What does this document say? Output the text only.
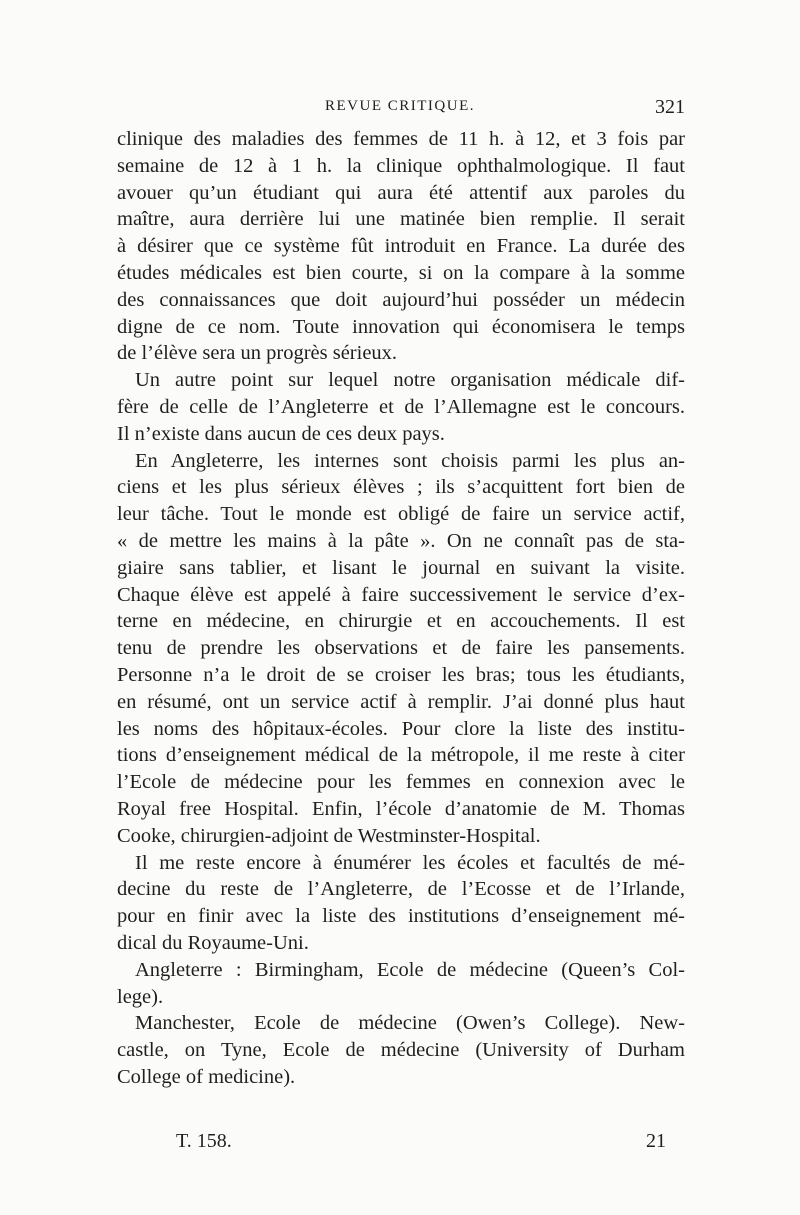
REVUE CRITIQUE.	321
clinique des maladies des femmes de 11 h. à 12, et 3 fois par
semaine de 12 à 1 h. la clinique ophthalmologique. Il faut
avouer qu’un étudiant qui aura été attentif aux paroles du
maître, aura derrière lui une matinée bien remplie. Il serait
à désirer que ce système fût introduit en France. La durée des
études médicales est bien courte, si on la compare à la somme
des connaissances que doit aujourd’hui posséder un médecin
digne de ce nom. Toute innovation qui économisera le temps
de l’élève sera un progrès sérieux.
Un autre point sur lequel notre organisation médicale dif-
fère de celle de l’Angleterre et de l’Allemagne est le concours.
Il n’existe dans aucun de ces deux pays.
En Angleterre, les internes sont choisis parmi les plus an-
ciens et les plus sérieux élèves ; ils s’acquittent fort bien de
leur tâche. Tout le monde est obligé de faire un service actif,
« de mettre les mains à la pâte ». On ne connaît pas de sta-
giaire sans tablier, et lisant le journal en suivant la visite.
Chaque élève est appelé à faire successivement le service d’ex-
terne en médecine, en chirurgie et en accouchements. Il est
tenu de prendre les observations et de faire les pansements.
Personne n’a le droit de se croiser les bras; tous les étudiants,
en résumé, ont un service actif à remplir. J’ai donné plus haut
les noms des hôpitaux-écoles. Pour clore la liste des institu-
tions d’enseignement médical de la métropole, il me reste à citer
l’Ecole de médecine pour les femmes en connexion avec le
Royal free Hospital. Enfin, l’école d’anatomie de M. Thomas
Cooke, chirurgien-adjoint de Westminster-Hospital.
Il me reste encore à énumérer les écoles et facultés de mé-
decine du reste de l’Angleterre, de l’Ecosse et de l’Irlande,
pour en finir avec la liste des institutions d’enseignement mé-
dical du Royaume-Uni.
Angleterre : Birmingham, Ecole de médecine (Queen’s Col-
lege).
Manchester, Ecole de médecine (Owen’s College). New-
castle, on Tyne, Ecole de médecine (University of Durham
College of medicine).
T. 158.	21
